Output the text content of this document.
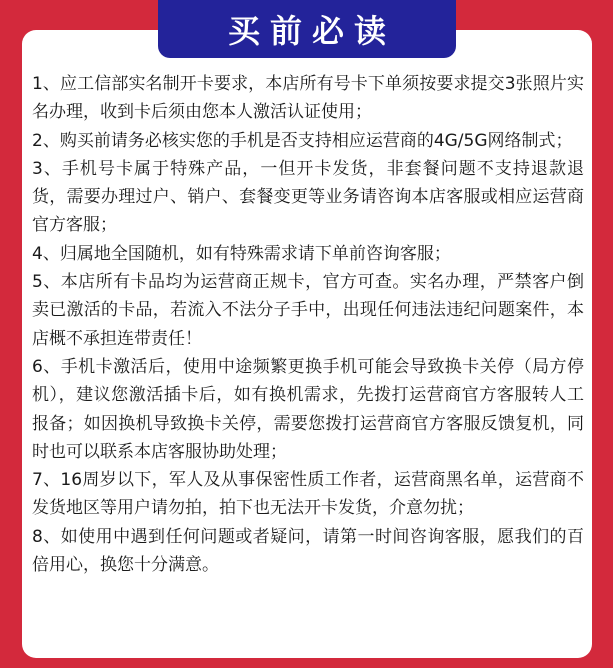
买前必读
1、应工信部实名制开卡要求，本店所有号卡下单须按要求提交3张照片实名办理，收到卡后须由您本人激活认证使用；
2、购买前请务必核实您的手机是否支持相应运营商的4G/5G网络制式；
3、手机号卡属于特殊产品，一但开卡发货，非套餐问题不支持退款退货，需要办理过户、销户、套餐变更等业务请咨询本店客服或相应运营商官方客服；
4、归属地全国随机，如有特殊需求请下单前咨询客服；
5、本店所有卡品均为运营商正规卡，官方可查。实名办理，严禁客户倒卖已激活的卡品，若流入不法分子手中，出现任何违法违纪问题案件，本店概不承担连带责任！
6、手机卡激活后，使用中途频繁更换手机可能会导致换卡关停（局方停机），建议您激活插卡后，如有换机需求，先拨打运营商官方客服转人工报备；如因换机导致换卡关停，需要您拨打运营商官方客服反馈复机，同时也可以联系本店客服协助处理；
7、16周岁以下，军人及从事保密性质工作者，运营商黑名单，运营商不发货地区等用户请勿拍，拍下也无法开卡发货，介意勿扰；
8、如使用中遇到任何问题或者疑问，请第一时间咨询客服，愿我们的百倍用心，换您十分满意。
